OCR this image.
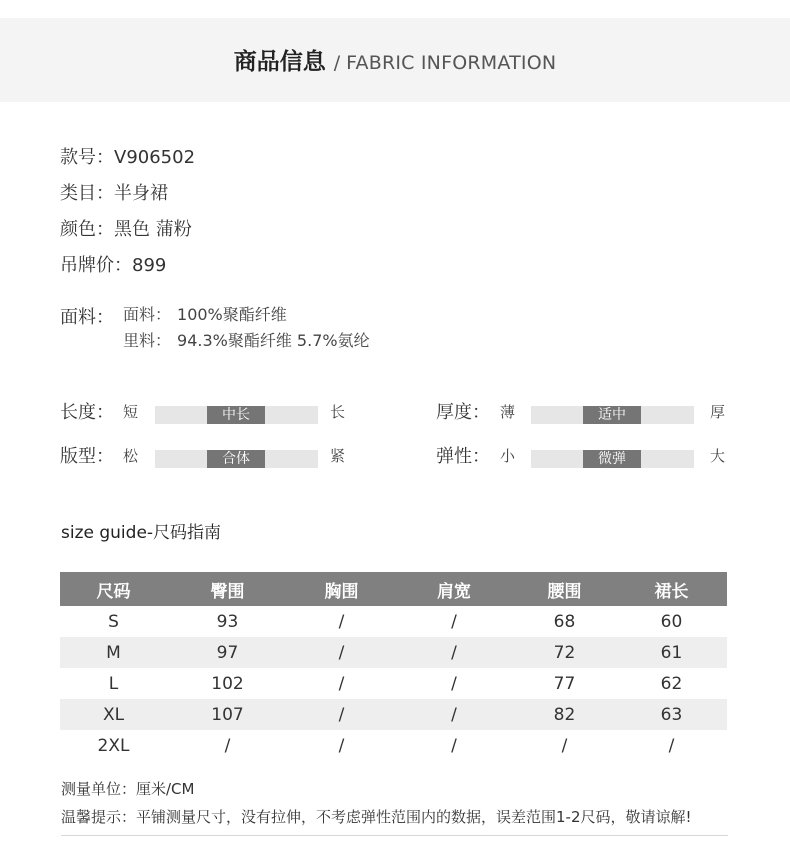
商品信息 / FABRIC INFORMATION
款号：V906502
类目：半身裙
颜色：黑色 蒲粉
吊牌价：899
面料： 面料： 100%聚酯纤维
里料： 94.3%聚酯纤维 5.7%氨纶
长度： 短	中长	长	厚度： 薄	适中	厚
版型： 松	合体	紧	弹性： 小	微弹	大
size guide-尺码指南
尺码	臀围	胸围	肩宽	腰围	裙长
S	93	/	/	68	60
M	97	/	/	72	61
L	102	/	/	77	62
XL	107	/	/	82	63
2XL	/	/	/	/	/
测量单位：厘米/CM
温馨提示：平铺测量尺寸，没有拉伸，不考虑弹性范围内的数据，误差范围1-2尺码，敬请谅解!
